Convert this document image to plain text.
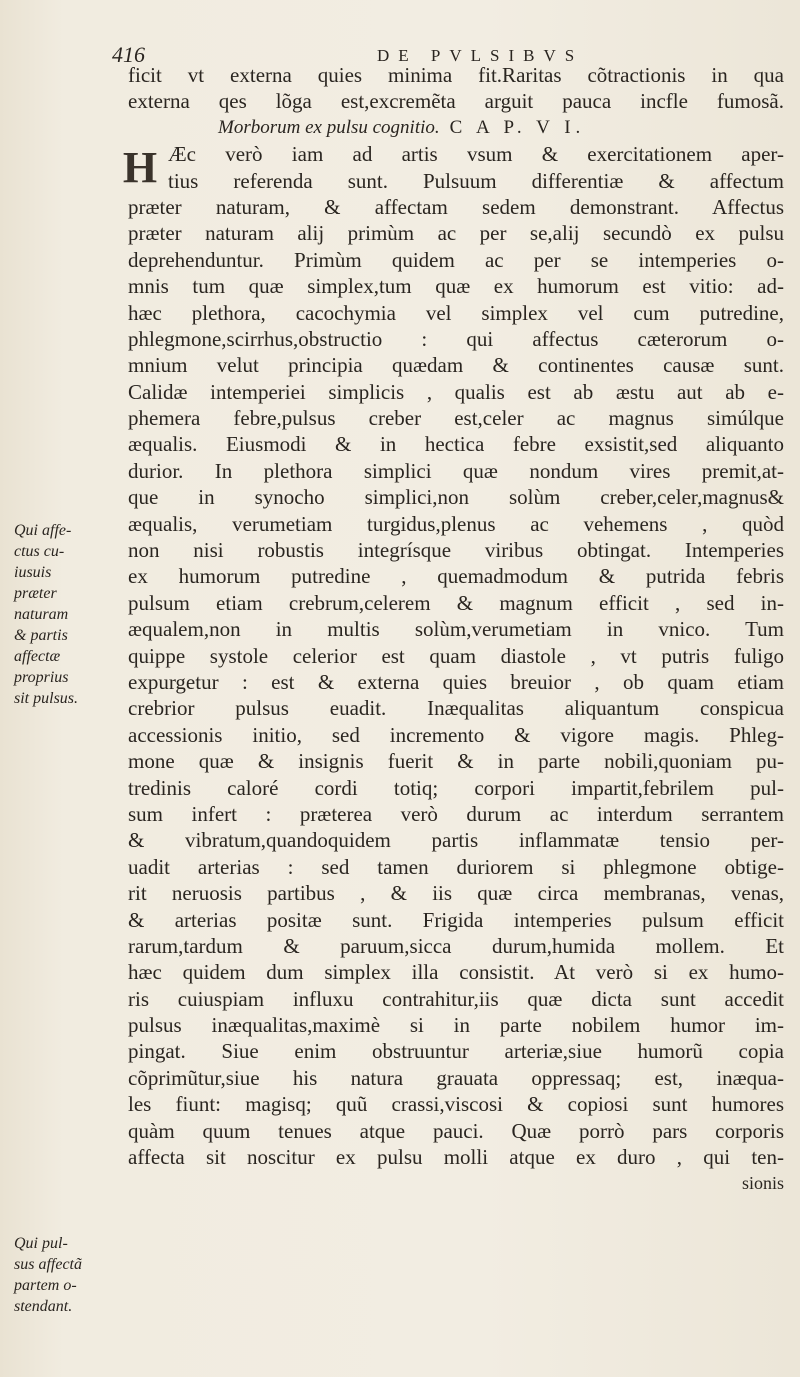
416	DE PVLSIBVS
H
Qui affe-
ctus cu-
iusuis
præter
naturam
& partis
affectæ
proprius
sit pulsus.
Qui pul-
sus affectã
partem o-
stendant.
ficit vt externa quies minima fit.Raritas cõtractionis in qua
externa qes lõga est,excremẽta arguit pauca incfle fumosã.
Morborum ex pulsu cognitio. C A P. V I.
Æc verò iam ad artis vsum & exercitationem aper-
tius referenda sunt. Pulsuum differentiæ & affectum
præter naturam, & affectam sedem demonstrant. Affectus
præter naturam alij primùm ac per se,alij secundò ex pulsu
deprehenduntur. Primùm quidem ac per se intemperies o-
mnis tum quæ simplex,tum quæ ex humorum est vitio: ad-
hæc plethora, cacochymia vel simplex vel cum putredine,
phlegmone,scirrhus,obstructio : qui affectus cæterorum o-
mnium velut principia quædam & continentes causæ sunt.
Calidæ intemperiei simplicis , qualis est ab æstu aut ab e-
phemera febre,pulsus creber est,celer ac magnus simúlque
æqualis. Eiusmodi & in hectica febre exsistit,sed aliquanto
durior. In plethora simplici quæ nondum vires premit,at-
que in synocho simplici,non solùm creber,celer,magnus&
æqualis, verumetiam turgidus,plenus ac vehemens , quòd
non nisi robustis integrísque viribus obtingat. Intemperies
ex humorum putredine , quemadmodum & putrida febris
pulsum etiam crebrum,celerem & magnum efficit , sed in-
æqualem,non in multis solùm,verumetiam in vnico. Tum
quippe systole celerior est quam diastole , vt putris fuligo
expurgetur : est & externa quies breuior , ob quam etiam
crebrior pulsus euadit. Inæqualitas aliquantum conspicua
accessionis initio, sed incremento & vigore magis. Phleg-
mone quæ & insignis fuerit & in parte nobili,quoniam pu-
tredinis caloré cordi totiq; corpori impartit,febrilem pul-
sum infert : præterea verò durum ac interdum serrantem
& vibratum,quandoquidem partis inflammatæ tensio per-
uadit arterias : sed tamen duriorem si phlegmone obtige-
rit neruosis partibus , & iis quæ circa membranas, venas,
& arterias positæ sunt. Frigida intemperies pulsum efficit
rarum,tardum & paruum,sicca durum,humida mollem. Et
hæc quidem dum simplex illa consistit. At verò si ex humo-
ris cuiuspiam influxu contrahitur,iis quæ dicta sunt accedit
pulsus inæqualitas,maximè si in parte nobilem humor im-
pingat. Siue enim obstruuntur arteriæ,siue humorũ copia
cõprimũtur,siue his natura grauata oppressaq; est, inæqua-
les fiunt: magisq; quũ crassi,viscosi & copiosi sunt humores
quàm quum tenues atque pauci. Quæ porrò pars corporis
affecta sit noscitur ex pulsu molli atque ex duro , qui ten-
sionis
